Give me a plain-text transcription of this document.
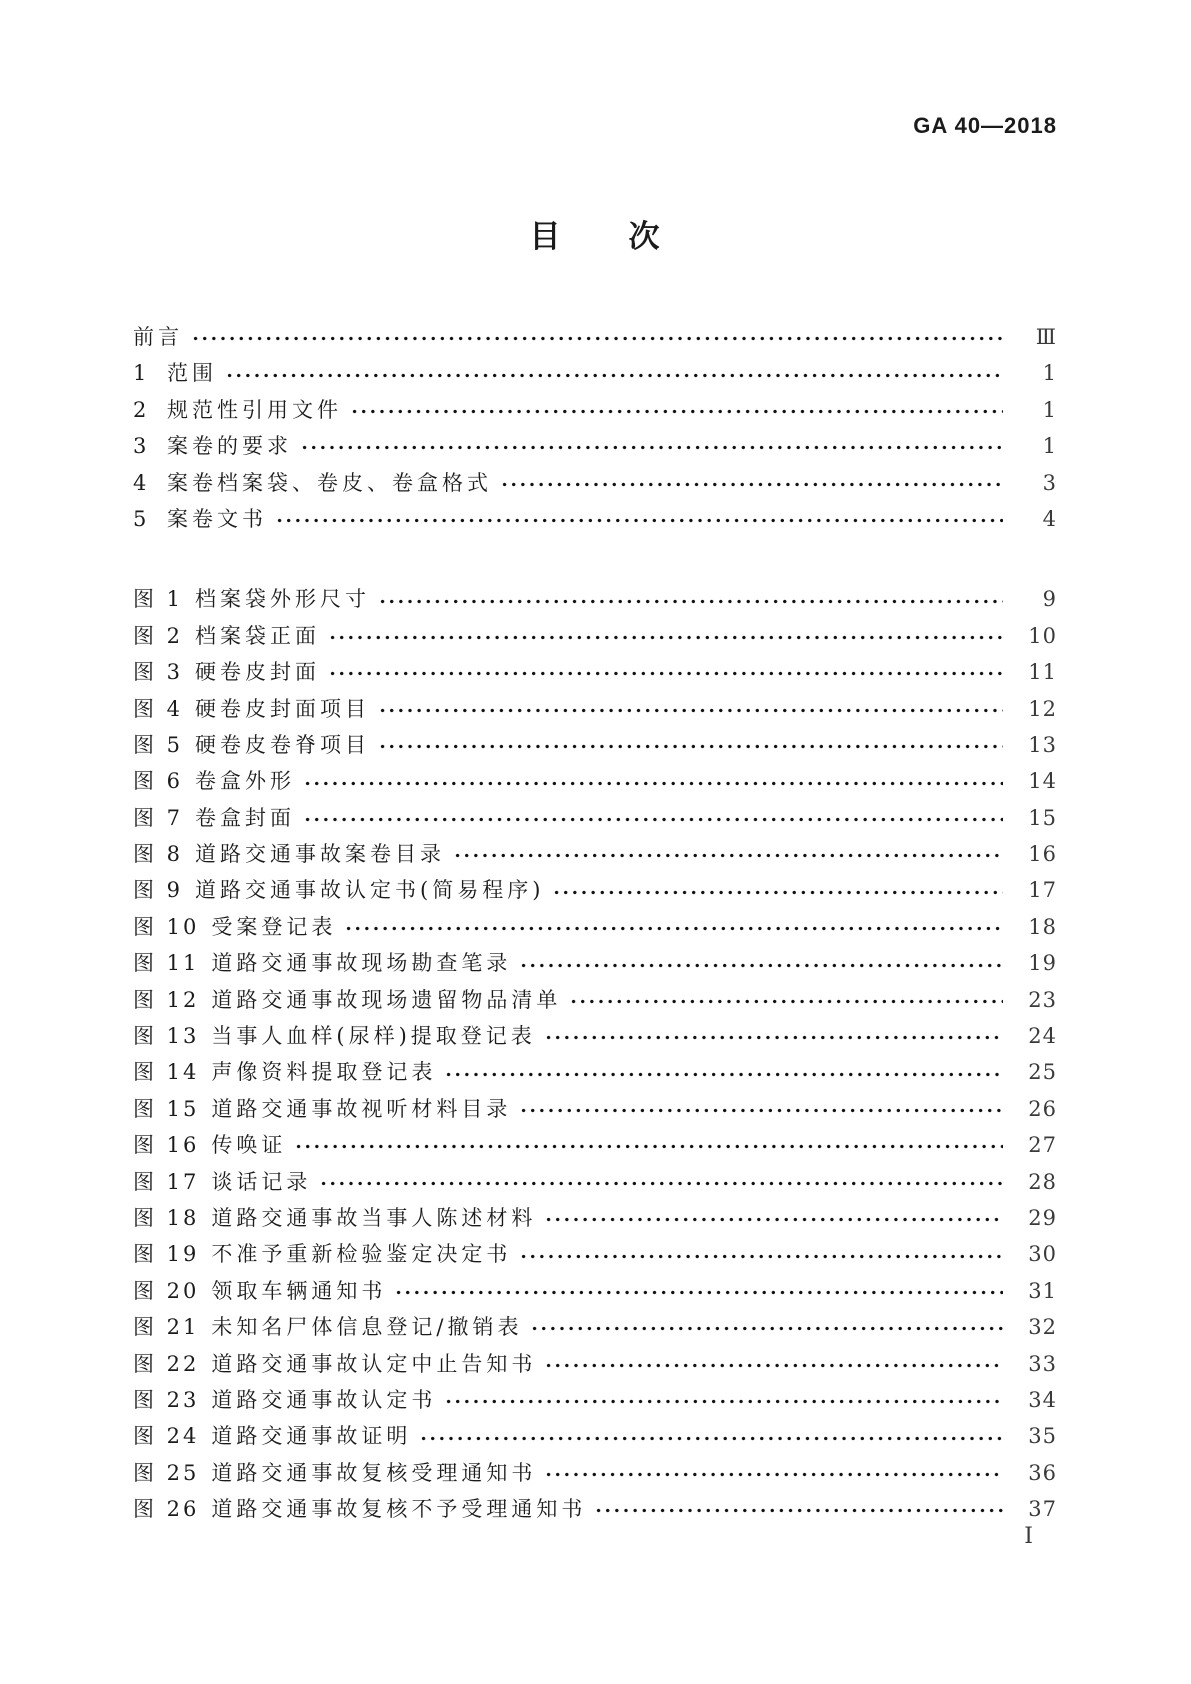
GA 40—2018
目　　次
前言	Ⅲ
1 范围	1
2 规范性引用文件	1
3 案卷的要求	1
4 案卷档案袋、卷皮、卷盒格式	3
5 案卷文书	4
图 1 档案袋外形尺寸	9
图 2 档案袋正面	10
图 3 硬卷皮封面	11
图 4 硬卷皮封面项目	12
图 5 硬卷皮卷脊项目	13
图 6 卷盒外形	14
图 7 卷盒封面	15
图 8 道路交通事故案卷目录	16
图 9 道路交通事故认定书(简易程序)	17
图 10 受案登记表	18
图 11 道路交通事故现场勘查笔录	19
图 12 道路交通事故现场遗留物品清单	23
图 13 当事人血样(尿样)提取登记表	24
图 14 声像资料提取登记表	25
图 15 道路交通事故视听材料目录	26
图 16 传唤证	27
图 17 谈话记录	28
图 18 道路交通事故当事人陈述材料	29
图 19 不准予重新检验鉴定决定书	30
图 20 领取车辆通知书	31
图 21 未知名尸体信息登记/撤销表	32
图 22 道路交通事故认定中止告知书	33
图 23 道路交通事故认定书	34
图 24 道路交通事故证明	35
图 25 道路交通事故复核受理通知书	36
图 26 道路交通事故复核不予受理通知书	37
Ⅰ
